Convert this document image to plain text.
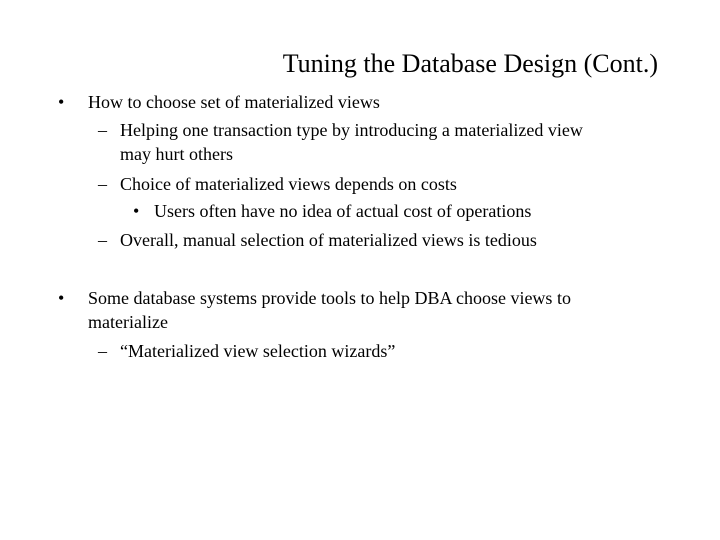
Tuning the Database Design (Cont.)
• How to choose set of materialized views
– Helping one transaction type by introducing a materialized view
may hurt others
– Choice of materialized views depends on costs
• Users often have no idea of actual cost of operations
– Overall, manual selection of materialized views is tedious
• Some database systems provide tools to help DBA choose views to
materialize
– “Materialized view selection wizards”
